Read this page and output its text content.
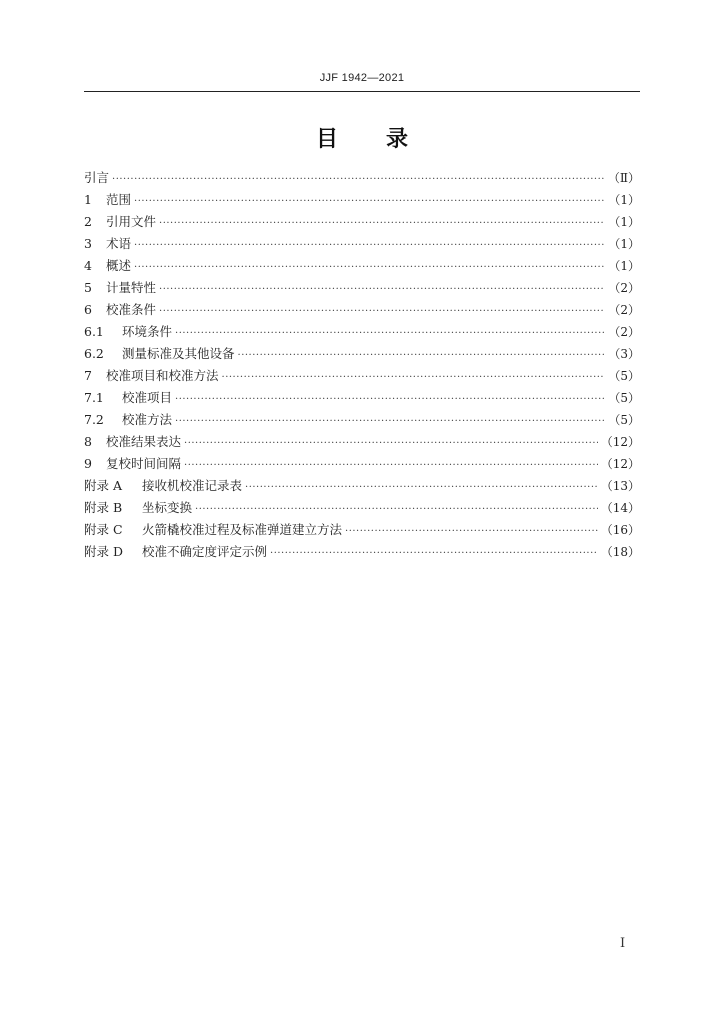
JJF 1942—2021
目 录
引言 ·····	（Ⅱ）
1	范围 ·····	（1）
2	引用文件 ·····	（1）
3	术语 ·····	（1）
4	概述 ·····	（1）
5	计量特性 ·····	（2）
6	校准条件 ·····	（2）
6.1	环境条件 ·····	（2）
6.2	测量标准及其他设备 ·····	（3）
7	校准项目和校准方法 ·····	（5）
7.1	校准项目 ·····	（5）
7.2	校准方法 ·····	（5）
8	校准结果表达 ·····	（12）
9	复校时间间隔 ·····	（12）
附录 A	接收机校准记录表 ·····	（13）
附录 B	坐标变换 ·····	（14）
附录 C	火箭橇校准过程及标准弹道建立方法 ·····	（16）
附录 D	校准不确定度评定示例 ·····	（18）
Ⅰ
